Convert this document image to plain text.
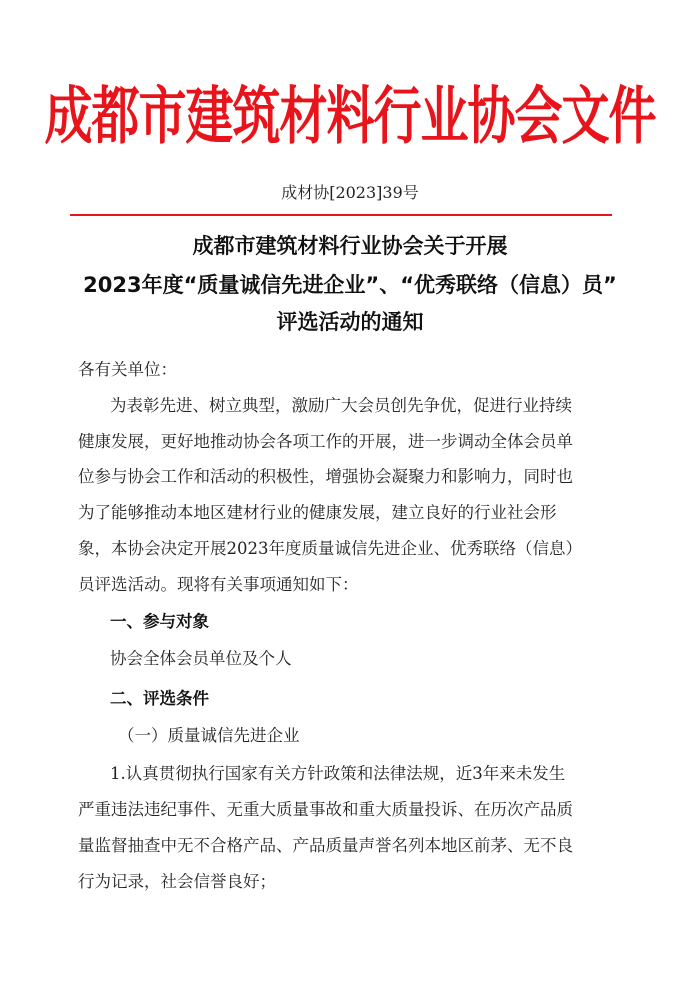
成都市建筑材料行业协会文件
成材协[2023]39号
成都市建筑材料行业协会关于开展
2023年度“质量诚信先进企业”、“优秀联络（信息）员”
评选活动的通知
各有关单位：
为表彰先进、树立典型，激励广大会员创先争优，促进行业持续
健康发展，更好地推动协会各项工作的开展，进一步调动全体会员单
位参与协会工作和活动的积极性，增强协会凝聚力和影响力，同时也
为了能够推动本地区建材行业的健康发展，建立良好的行业社会形
象，本协会决定开展2023年度质量诚信先进企业、优秀联络（信息）
员评选活动。现将有关事项通知如下：
一、参与对象
协会全体会员单位及个人
二、评选条件
（一）质量诚信先进企业
1.认真贯彻执行国家有关方针政策和法律法规，近3年来未发生
严重违法违纪事件、无重大质量事故和重大质量投诉、在历次产品质
量监督抽查中无不合格产品、产品质量声誉名列本地区前茅、无不良
行为记录，社会信誉良好；
